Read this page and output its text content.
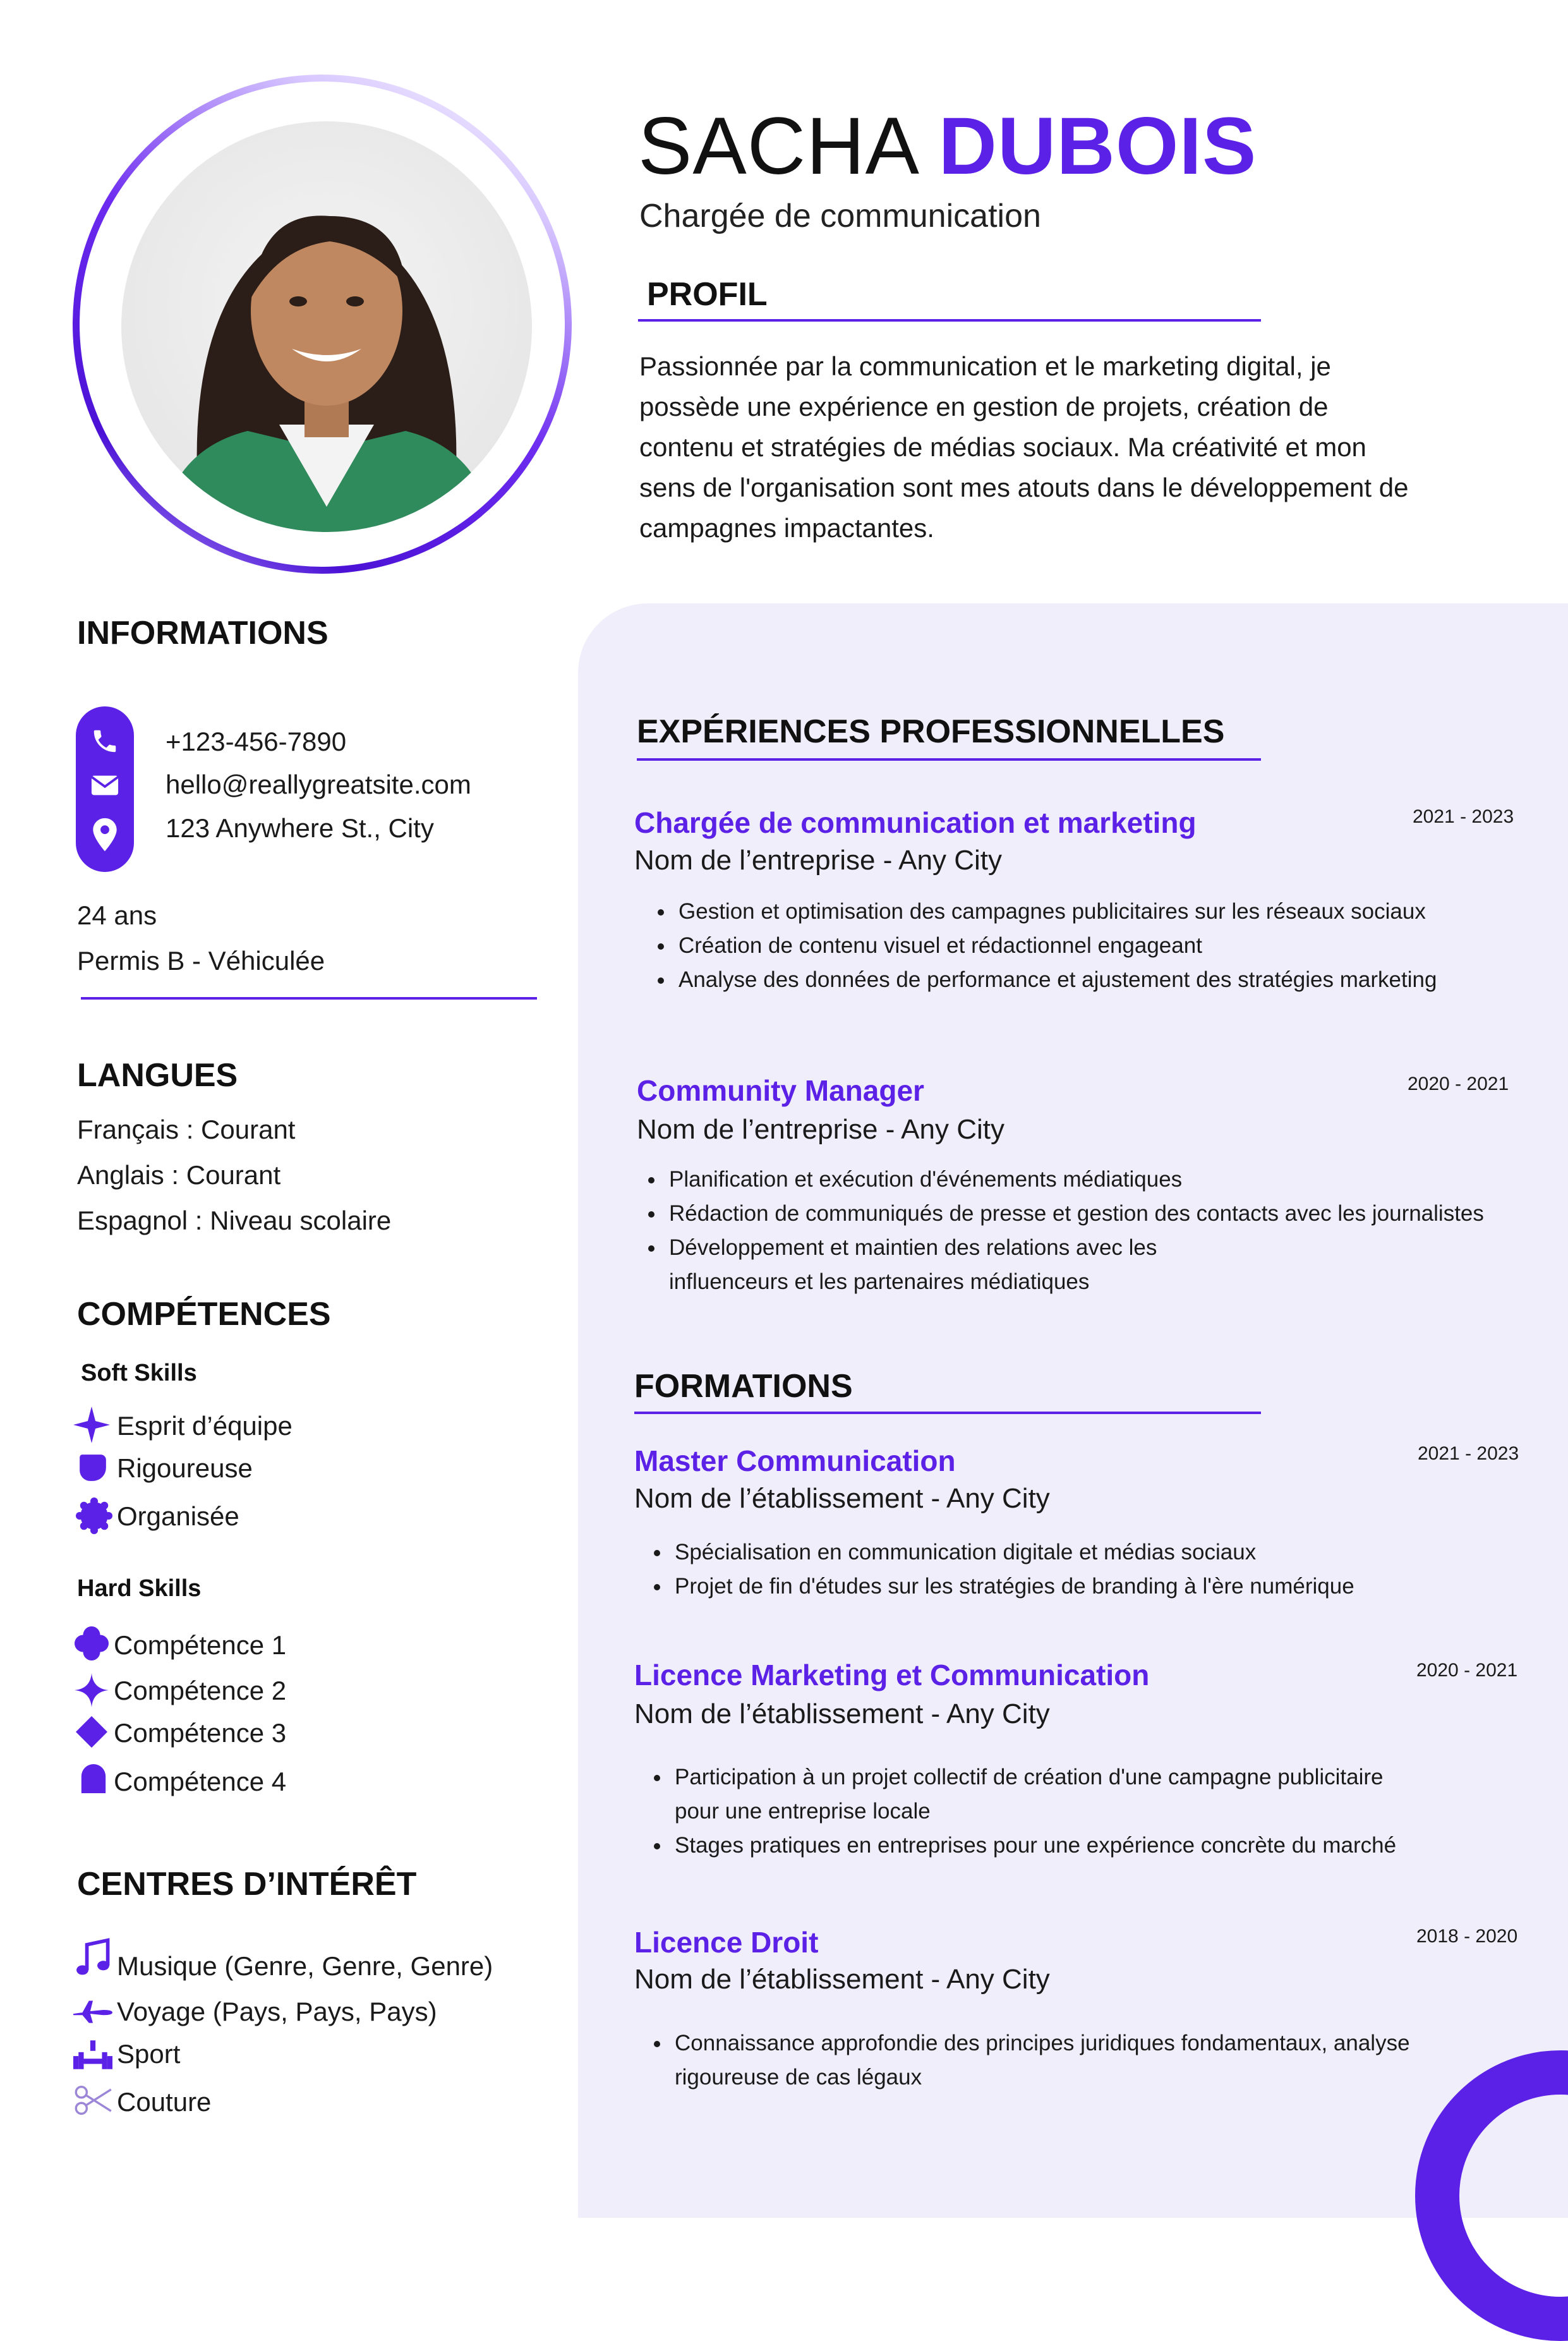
SACHA DUBOIS
Chargée de communication
PROFIL
Passionnée par la communication et le marketing digital, je possède une expérience en gestion de projets, création de contenu et stratégies de médias sociaux. Ma créativité et mon sens de l'organisation sont mes atouts dans le développement de campagnes impactantes.
INFORMATIONS
+123-456-7890
hello@reallygreatsite.com
123 Anywhere St., City
24 ans
Permis B - Véhiculée
LANGUES
Français : Courant
Anglais : Courant
Espagnol : Niveau scolaire
COMPÉTENCES
Soft Skills
Esprit d’équipe
Rigoureuse
Organisée
Hard Skills
Compétence 1
Compétence 2
Compétence 3
Compétence 4
CENTRES D’INTÉRÊT
Musique (Genre, Genre, Genre)
Voyage (Pays, Pays, Pays)
Sport
Couture
EXPÉRIENCES PROFESSIONNELLES
Chargée de communication et marketing	2021 - 2023
Nom de l’entreprise - Any City
• Gestion et optimisation des campagnes publicitaires sur les réseaux sociaux
• Création de contenu visuel et rédactionnel engageant
• Analyse des données de performance et ajustement des stratégies marketing
Community Manager	2020 - 2021
Nom de l’entreprise - Any City
• Planification et exécution d'événements médiatiques
• Rédaction de communiqués de presse et gestion des contacts avec les journalistes
• Développement et maintien des relations avec les influenceurs et les partenaires médiatiques
FORMATIONS
Master Communication	2021 - 2023
Nom de l’établissement - Any City
• Spécialisation en communication digitale et médias sociaux
• Projet de fin d'études sur les stratégies de branding à l'ère numérique
Licence Marketing et Communication	2020 - 2021
Nom de l’établissement - Any City
• Participation à un projet collectif de création d'une campagne publicitaire pour une entreprise locale
• Stages pratiques en entreprises pour une expérience concrète du marché
Licence Droit	2018 - 2020
Nom de l’établissement - Any City
• Connaissance approfondie des principes juridiques fondamentaux, analyse rigoureuse de cas légaux
